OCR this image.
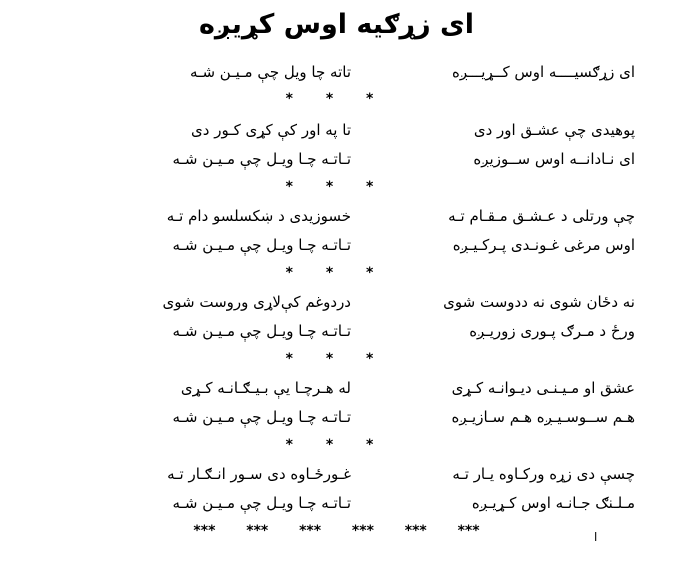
ای زړګیه اوس کړیږه
ای زړګسیــــه اوس کــړیـــږه
تاته چا ویل چې مـیـن شـه
* * *
پوهیدی چې عشـق اور دی
تا په اور کې کړی کـور دی
ای نـادانــه اوس ســوزیږه
تـاتـه چـا ویـل چې مـیـن شـه
* * *
چې ورتلی د عـشـق مـقـام تـه
خسوزیدی د ښکسلسو دام تـه
اوس مرغی غـونـدی پـرکـیـږه
تـاتـه چـا ویـل چې مـیـن شـه
* * *
نه دځان شوی نه ددوست شوی
دردوغم کې‌لاړی وروست شوی
ورځ د مـرګ پـوری زوریـږه
تـاتـه چـا ویـل چې مـیـن شـه
* * *
عشق او مـیـنـی دیـوانـه کـړی
له هـرچـا یې بـیـګـانـه کـړی
هـم ســوسـیـږه هـم سـازیـږه
تـاتـه چـا ویـل چې مـیـن شـه
* * *
چسې دی زړه ورکـاوه یـار تـه
غـورځـاوه دی سـور انـګـار تـه
مـلـنګ جـانـه اوس کـړیـږه
تـاتـه چـا ویـل چې مـیـن شـه
*** *** *** *** *** ***	ا
